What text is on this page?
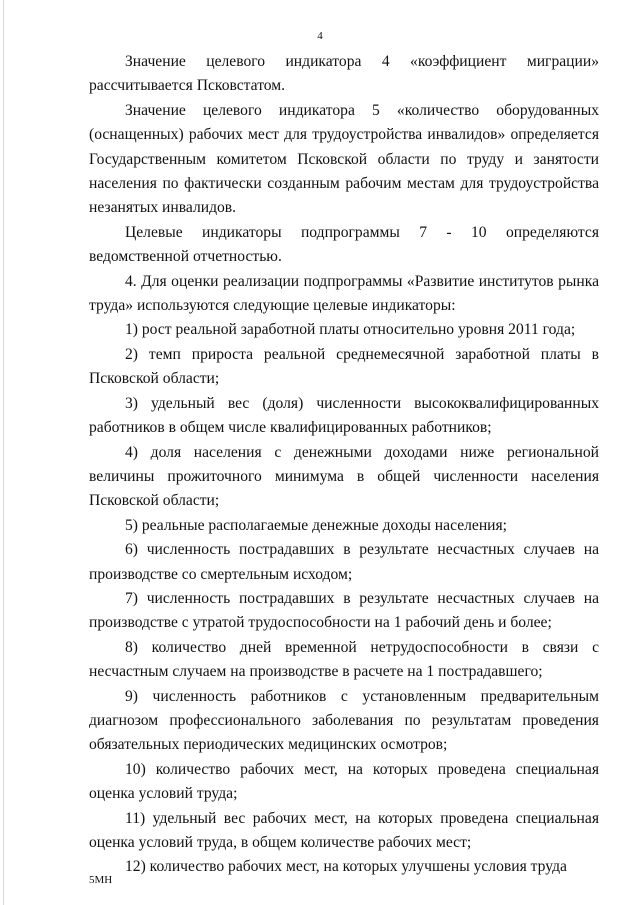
4

Значение целевого индикатора 4 «коэффициент миграции» рассчитывается Псковстатом.

Значение целевого индикатора 5 «количество оборудованных (оснащенных) рабочих мест для трудоустройства инвалидов» определяется Государственным комитетом Псковской области по труду и занятости населения по фактически созданным рабочим местам для трудоустройства незанятых инвалидов.

Целевые индикаторы подпрограммы 7 - 10 определяются ведомственной отчетностью.

4. Для оценки реализации подпрограммы «Развитие институтов рынка труда» используются следующие целевые индикаторы:

1) рост реальной заработной платы относительно уровня 2011 года;

2) темп прироста реальной среднемесячной заработной платы в Псковской области;

3) удельный вес (доля) численности высококвалифицированных работников в общем числе квалифицированных работников;

4) доля населения с денежными доходами ниже региональной величины прожиточного минимума в общей численности населения Псковской области;

5) реальные располагаемые денежные доходы населения;

6) численность пострадавших в результате несчастных случаев на производстве со смертельным исходом;

7) численность пострадавших в результате несчастных случаев на производстве с утратой трудоспособности на 1 рабочий день и более;

8) количество дней временной нетрудоспособности в связи с несчастным случаем на производстве в расчете на 1 пострадавшего;

9) численность работников с установленным предварительным диагнозом профессионального заболевания по результатам проведения обязательных периодических медицинских осмотров;

10) количество рабочих мест, на которых проведена специальная оценка условий труда;

11) удельный вес рабочих мест, на которых проведена специальная оценка условий труда, в общем количестве рабочих мест;

12) количество рабочих мест, на которых улучшены условия труда

5МН
